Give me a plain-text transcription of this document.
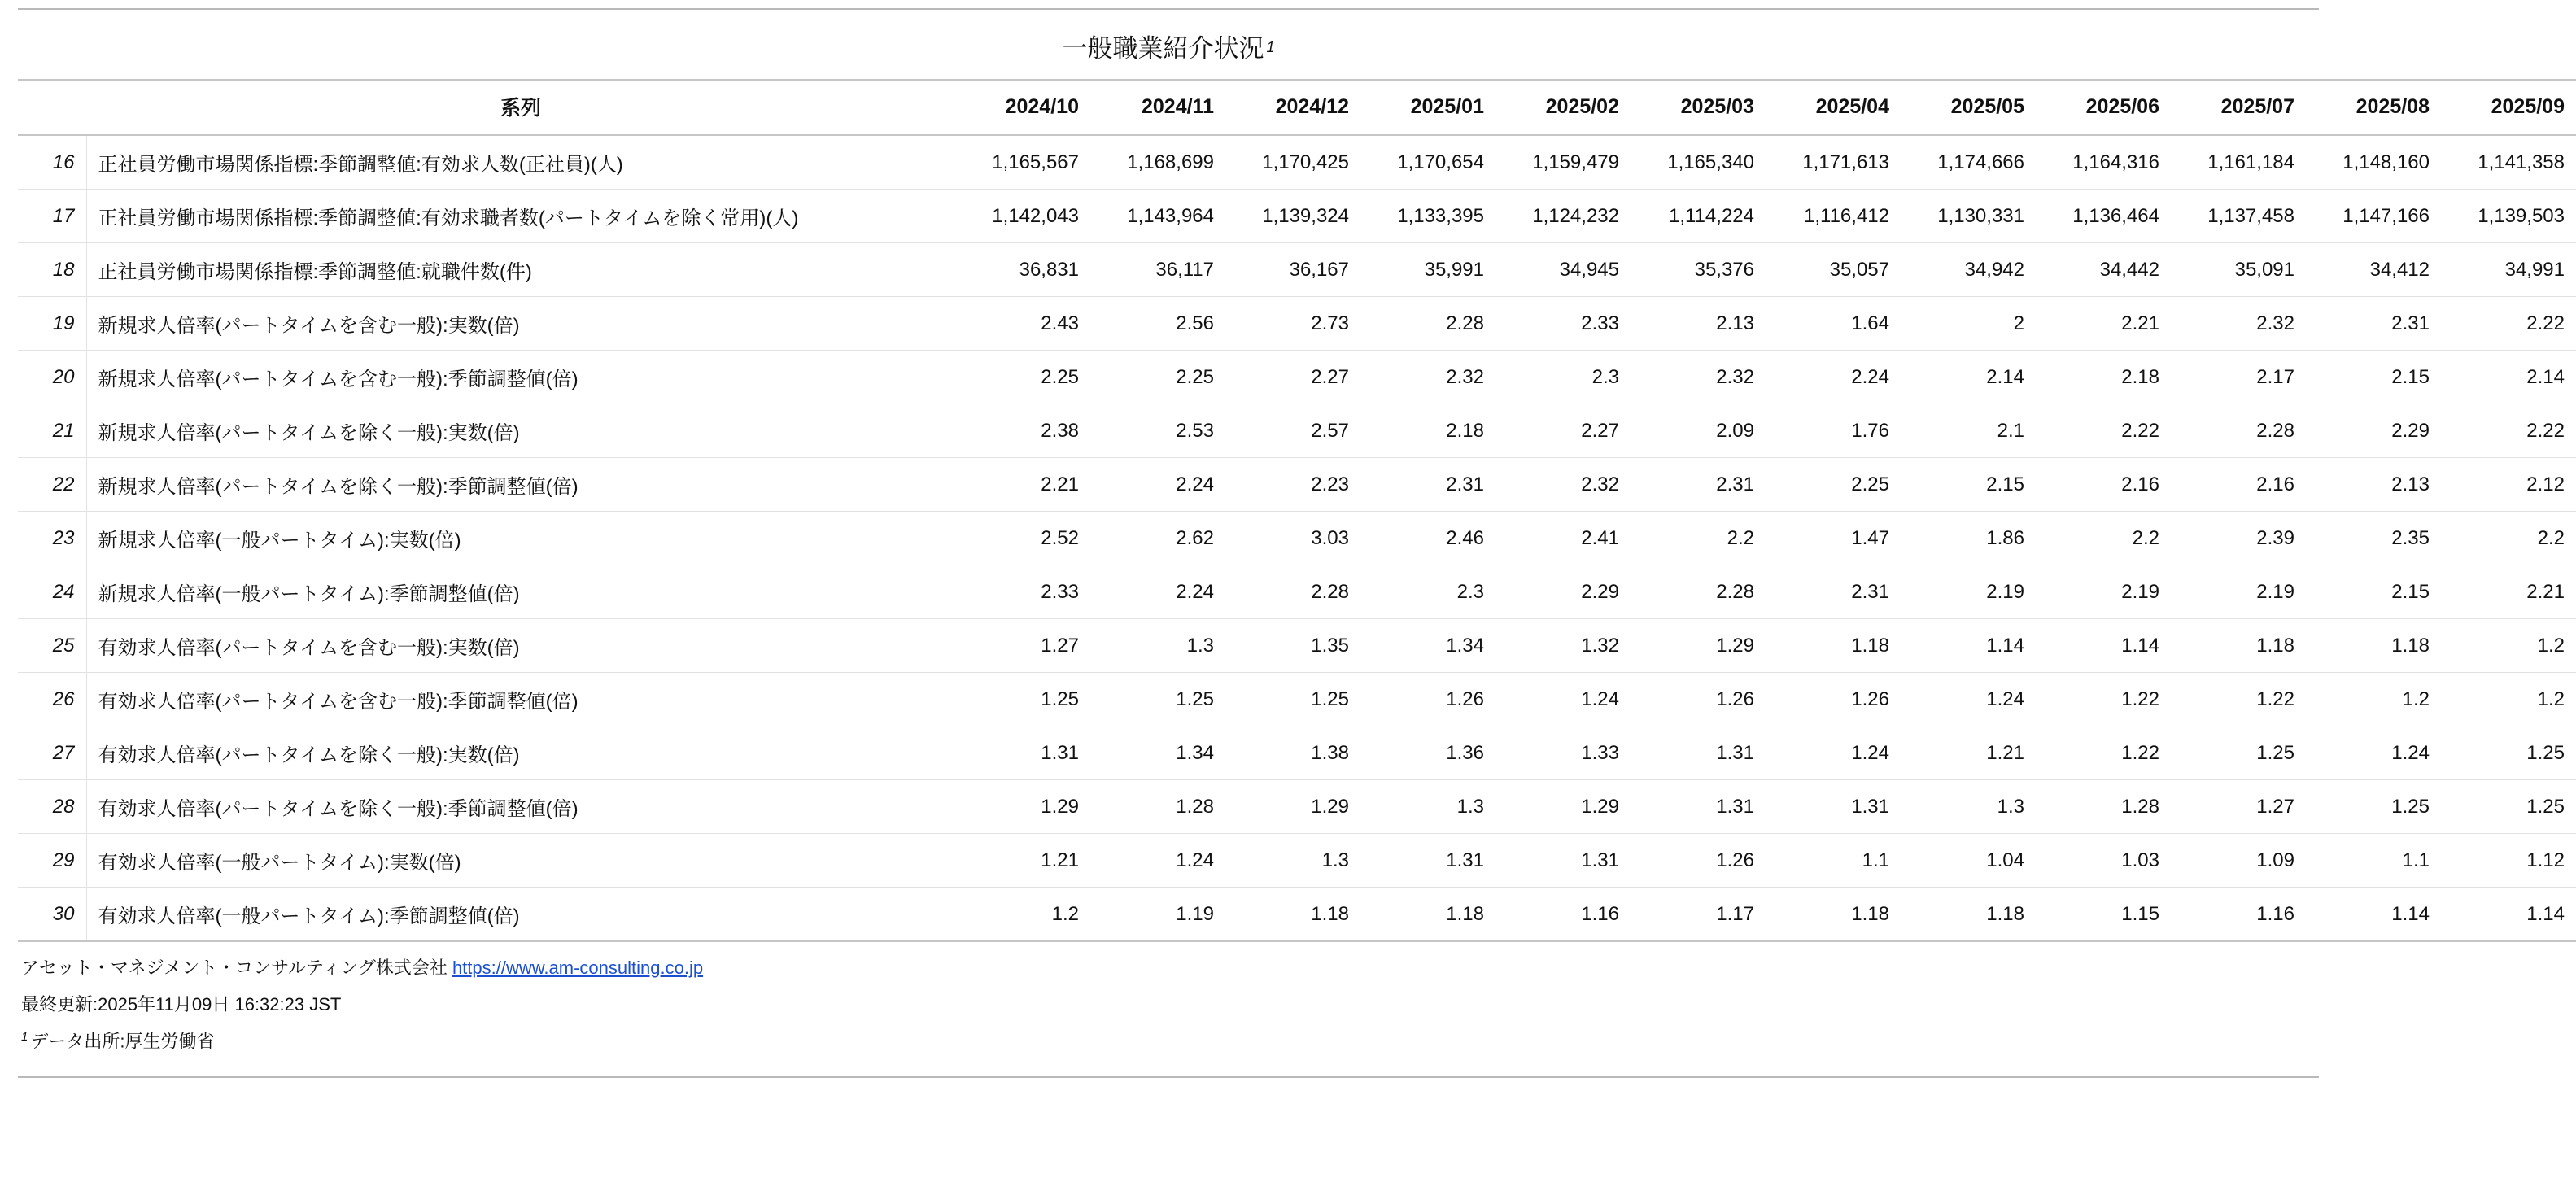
一般職業紹介状況 1
	系列	2024/10	2024/11	2024/12	2025/01	2025/02	2025/03	2025/04	2025/05	2025/06	2025/07	2025/08	2025/09
16	正社員労働市場関係指標:季節調整値:有効求人数(正社員)(人)	1,165,567	1,168,699	1,170,425	1,170,654	1,159,479	1,165,340	1,171,613	1,174,666	1,164,316	1,161,184	1,148,160	1,141,358
17	正社員労働市場関係指標:季節調整値:有効求職者数(パートタイムを除く常用)(人)	1,142,043	1,143,964	1,139,324	1,133,395	1,124,232	1,114,224	1,116,412	1,130,331	1,136,464	1,137,458	1,147,166	1,139,503
18	正社員労働市場関係指標:季節調整値:就職件数(件)	36,831	36,117	36,167	35,991	34,945	35,376	35,057	34,942	34,442	35,091	34,412	34,991
19	新規求人倍率(パートタイムを含む一般):実数(倍)	2.43	2.56	2.73	2.28	2.33	2.13	1.64	2	2.21	2.32	2.31	2.22
20	新規求人倍率(パートタイムを含む一般):季節調整値(倍)	2.25	2.25	2.27	2.32	2.3	2.32	2.24	2.14	2.18	2.17	2.15	2.14
21	新規求人倍率(パートタイムを除く一般):実数(倍)	2.38	2.53	2.57	2.18	2.27	2.09	1.76	2.1	2.22	2.28	2.29	2.22
22	新規求人倍率(パートタイムを除く一般):季節調整値(倍)	2.21	2.24	2.23	2.31	2.32	2.31	2.25	2.15	2.16	2.16	2.13	2.12
23	新規求人倍率(一般パートタイム):実数(倍)	2.52	2.62	3.03	2.46	2.41	2.2	1.47	1.86	2.2	2.39	2.35	2.2
24	新規求人倍率(一般パートタイム):季節調整値(倍)	2.33	2.24	2.28	2.3	2.29	2.28	2.31	2.19	2.19	2.19	2.15	2.21
25	有効求人倍率(パートタイムを含む一般):実数(倍)	1.27	1.3	1.35	1.34	1.32	1.29	1.18	1.14	1.14	1.18	1.18	1.2
26	有効求人倍率(パートタイムを含む一般):季節調整値(倍)	1.25	1.25	1.25	1.26	1.24	1.26	1.26	1.24	1.22	1.22	1.2	1.2
27	有効求人倍率(パートタイムを除く一般):実数(倍)	1.31	1.34	1.38	1.36	1.33	1.31	1.24	1.21	1.22	1.25	1.24	1.25
28	有効求人倍率(パートタイムを除く一般):季節調整値(倍)	1.29	1.28	1.29	1.3	1.29	1.31	1.31	1.3	1.28	1.27	1.25	1.25
29	有効求人倍率(一般パートタイム):実数(倍)	1.21	1.24	1.3	1.31	1.31	1.26	1.1	1.04	1.03	1.09	1.1	1.12
30	有効求人倍率(一般パートタイム):季節調整値(倍)	1.2	1.19	1.18	1.18	1.16	1.17	1.18	1.18	1.15	1.16	1.14	1.14
アセット・マネジメント・コンサルティング株式会社 https://www.am-consulting.co.jp
最終更新:2025年11月09日 16:32:23 JST
$^1$ データ出所:厚生労働省
